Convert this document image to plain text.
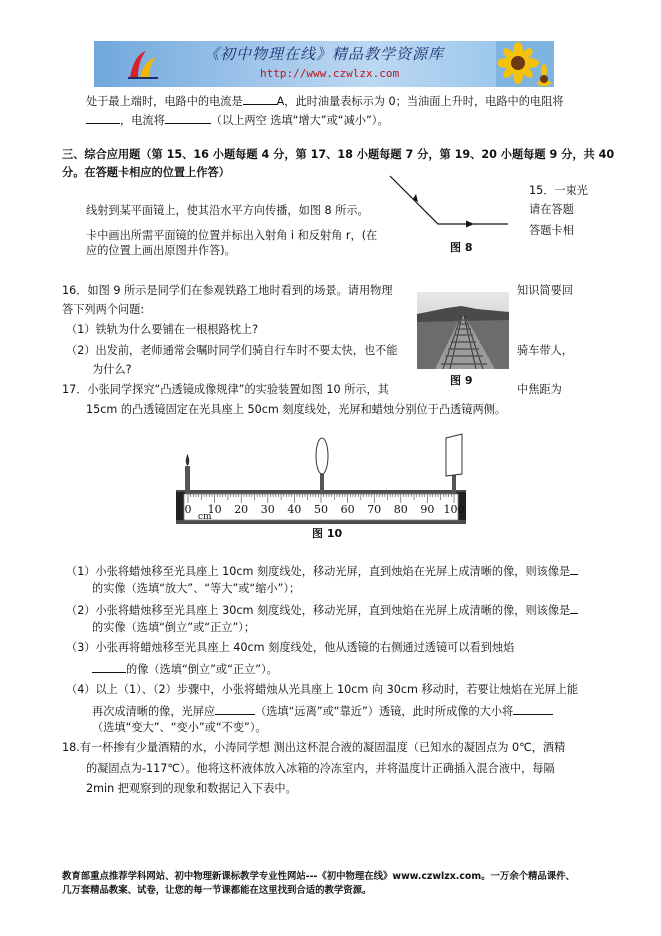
《初中物理在线》精品教学资源库
http://www.czwlzx.com
处于最上端时，电路中的电流是	A，此时油量表标示为 0；当油面上升时，电路中的电阻将
，电流将	（以上两空 选填“增大”或“减小”）。
三、综合应用题（第 15、16 小题每题 4 分，第 17、18 小题每题 7 分，第 19、20 小题每题 9 分，共 40
分。在答题卡相应的位置上作答）
15．一束光
请在答题
答题卡相
线射到某平面镜上，使其沿水平方向传播，如图 8 所示。
卡中画出所需平面镜的位置并标出入射角 i 和反射角 r，(在
应的位置上画出原图并作答)。	图 8
16．如图 9 所示是同学们在参观铁路工地时看到的场景。请用物理	知识简要回
答下列两个问题:
（1）铁轨为什么要铺在一根根路枕上?
（2）出发前，老师通常会嘱时同学们骑自行车时不要太快，也不能	骑车带人，
为什么?
图 9
17．小张同学探究“凸透镜成像规律”的实验装置如图 10 所示，其	中焦距为
15cm 的凸透镜固定在光具座上 50cm 刻度线处，光屏和蜡烛分别位于凸透镜两侧。
0 10 20 30 40 50 60 70 80 90 100
cm
图 10
（1）小张将蜡烛移至光具座上 10cm 刻度线处，移动光屏，直到烛焰在光屏上成清晰的像，则该像是
的实像（选填“放大”、“等大”或“缩小”）；
（2）小张将蜡烛移至光具座上 30cm 刻度线处，移动光屏，直到烛焰在光屏上成清晰的像，则该像是
的实像（选填“倒立”或“正立”）；
（3）小张再将蜡烛移至光具座上 40cm 刻度线处，他从透镜的右侧通过透镜可以看到烛焰
的像（选填“倒立”或“正立”）。
（4）以上（1）、（2）步骤中，小张将蜡烛从光具座上 10cm 向 30cm 移动时，若要让烛焰在光屏上能
再次成清晰的像，光屏应	（选填“远离”或“靠近”）透镜，此时所成像的大小将
（选填“变大”、“变小”或“不变”）。
18.有一杯掺有少量酒精的水，小涛同学想 测出这杯混合液的凝固温度（已知水的凝固点为 0℃，酒精
的凝固点为-117℃）。他将这杯液体放入冰箱的冷冻室内，并将温度计正确插入混合液中，每隔
2min 把观察到的现象和数据记入下表中。
教育部重点推荐学科网站、初中物理新课标教学专业性网站---《初中物理在线》www.czwlzx.com。一万余个精品课件、
几万套精品教案、试卷，让您的每一节课都能在这里找到合适的教学资源。
